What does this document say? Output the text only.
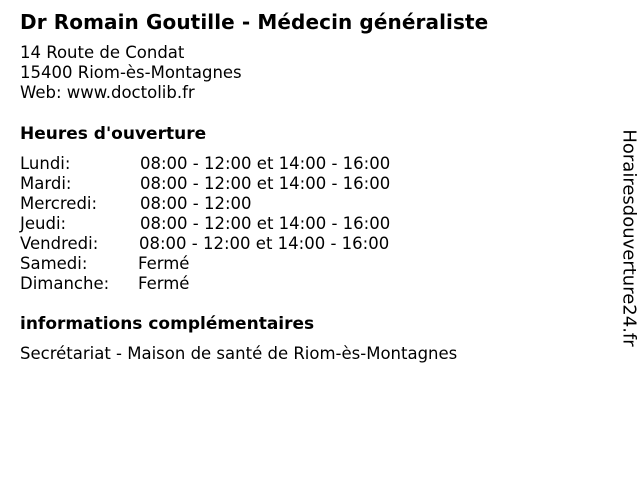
Dr Romain Goutille - Médecin généraliste
14 Route de Condat
15400 Riom-ès-Montagnes
Web: www.doctolib.fr
Heures d'ouverture
Lundi:	08:00 - 12:00 et 14:00 - 16:00
Mardi:	08:00 - 12:00 et 14:00 - 16:00
Mercredi:	08:00 - 12:00
Jeudi:	08:00 - 12:00 et 14:00 - 16:00
Vendredi: 08:00 - 12:00 et 14:00 - 16:00
Samedi:	Fermé
Dimanche: Fermé
informations complémentaires
Secrétariat - Maison de santé de Riom-ès-Montagnes
Horairesdouverture24.fr
